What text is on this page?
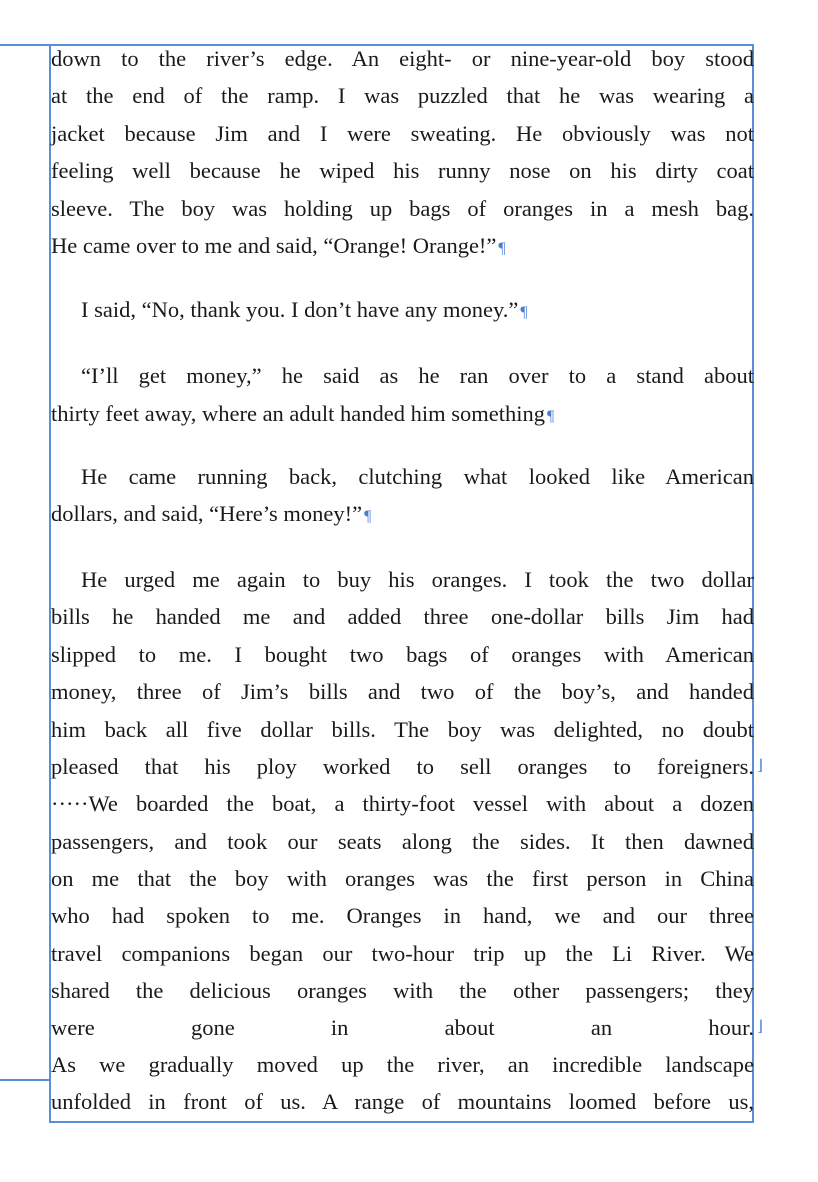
down to the river’s edge. An eight- or nine-year-old boy stood
at the end of the ramp. I was puzzled that he was wearing a
jacket because Jim and I were sweating. He obviously was not
feeling well because he wiped his runny nose on his dirty coat
sleeve. The boy was holding up bags of oranges in a mesh bag.
He came over to me and said, “Orange! Orange!” ¶
I said, “No, thank you. I don’t have any money.” ¶
“I’ll get money,” he said as he ran over to a stand about
thirty feet away, where an adult handed him something ¶
He came running back, clutching what looked like American
dollars, and said, “Here’s money!” ¶
He urged me again to buy his oranges. I took the two dollar
bills he handed me and added three one-dollar bills Jim had
slipped to me. I bought two bags of oranges with American
money, three of Jim’s bills and two of the boy’s, and handed
him back all five dollar bills. The boy was delighted, no doubt
pleased that his ploy worked to sell oranges to foreigners. ⌋
·····We boarded the boat, a thirty-foot vessel with about a dozen
passengers, and took our seats along the sides. It then dawned
on me that the boy with oranges was the first person in China
who had spoken to me. Oranges in hand, we and our three
travel companions began our two-hour trip up the Li River. We
shared the delicious oranges with the other passengers; they
were gone in about an hour. ⌋
As we gradually moved up the river, an incredible landscape
unfolded in front of us. A range of mountains loomed before us,
